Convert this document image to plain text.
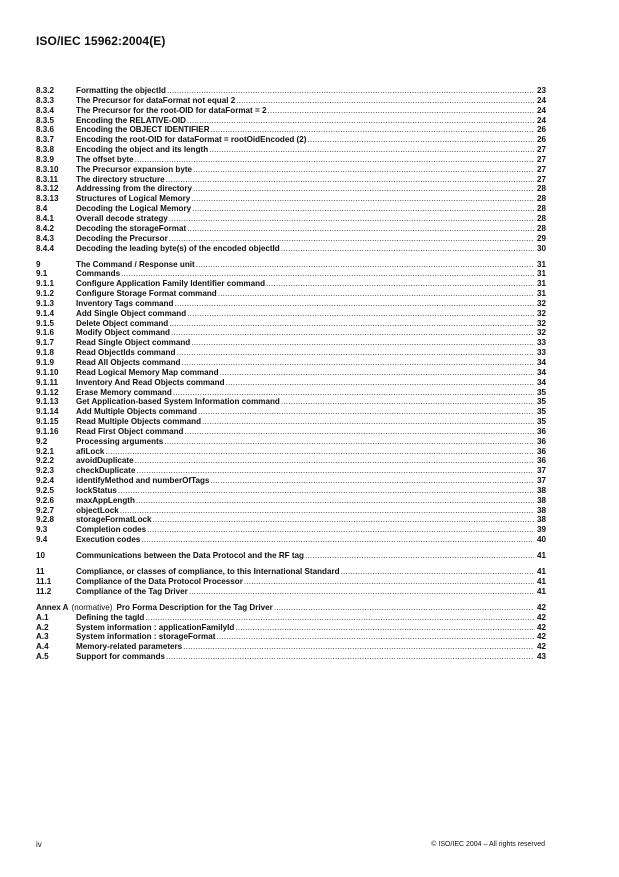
ISO/IEC 15962:2004(E)
8.3.2	Formatting the objectId .....	23
8.3.3	The Precursor for dataFormat not equal 2 .....	24
8.3.4	The Precursor for the root-OID for dataFormat = 2 .....	24
8.3.5	Encoding the RELATIVE-OID .....	24
8.3.6	Encoding the OBJECT IDENTIFIER .....	26
8.3.7	Encoding the root-OID for dataFormat = rootOidEncoded (2) .....	26
8.3.8	Encoding the object and its length .....	27
8.3.9	The offset byte .....	27
8.3.10	The Precursor expansion byte .....	27
8.3.11	The directory structure .....	27
8.3.12	Addressing from the directory .....	28
8.3.13	Structures of Logical Memory .....	28
8.4	Decoding the Logical Memory .....	28
8.4.1	Overall decode strategy .....	28
8.4.2	Decoding the storageFormat .....	28
8.4.3	Decoding the Precursor .....	29
8.4.4	Decoding the leading byte(s) of the encoded objectId .....	30
9	The Command / Response unit .....	31
9.1	Commands .....	31
9.1.1	Configure Application Family Identifier command .....	31
9.1.2	Configure Storage Format command .....	31
9.1.3	Inventory Tags command .....	32
9.1.4	Add Single Object command .....	32
9.1.5	Delete Object command .....	32
9.1.6	Modify Object command .....	32
9.1.7	Read Single Object command .....	33
9.1.8	Read ObjectIds command .....	33
9.1.9	Read All Objects command .....	34
9.1.10	Read Logical Memory Map command .....	34
9.1.11	Inventory And Read Objects command .....	34
9.1.12	Erase Memory command .....	35
9.1.13	Get Application-based System Information command .....	35
9.1.14	Add Multiple Objects command .....	35
9.1.15	Read Multiple Objects command .....	35
9.1.16	Read First Object command .....	36
9.2	Processing arguments .....	36
9.2.1	afiLock .....	36
9.2.2	avoidDuplicate .....	36
9.2.3	checkDuplicate .....	37
9.2.4	identifyMethod and numberOfTags .....	37
9.2.5	lockStatus .....	38
9.2.6	maxAppLength .....	38
9.2.7	objectLock .....	38
9.2.8	storageFormatLock .....	38
9.3	Completion codes .....	39
9.4	Execution codes .....	40
10	Communications between the Data Protocol and the RF tag .....	41
11	Compliance, or classes of compliance, to this International Standard .....	41
11.1	Compliance of the Data Protocol Processor .....	41
11.2	Compliance of the Tag Driver .....	41
Annex A (normative) Pro Forma Description for the Tag Driver .....	42
A.1	Defining the tagId .....	42
A.2	System information : applicationFamilyId .....	42
A.3	System information : storageFormat .....	42
A.4	Memory-related parameters .....	42
A.5	Support for commands .....	43
iv	© ISO/IEC 2004 – All rights reserved
